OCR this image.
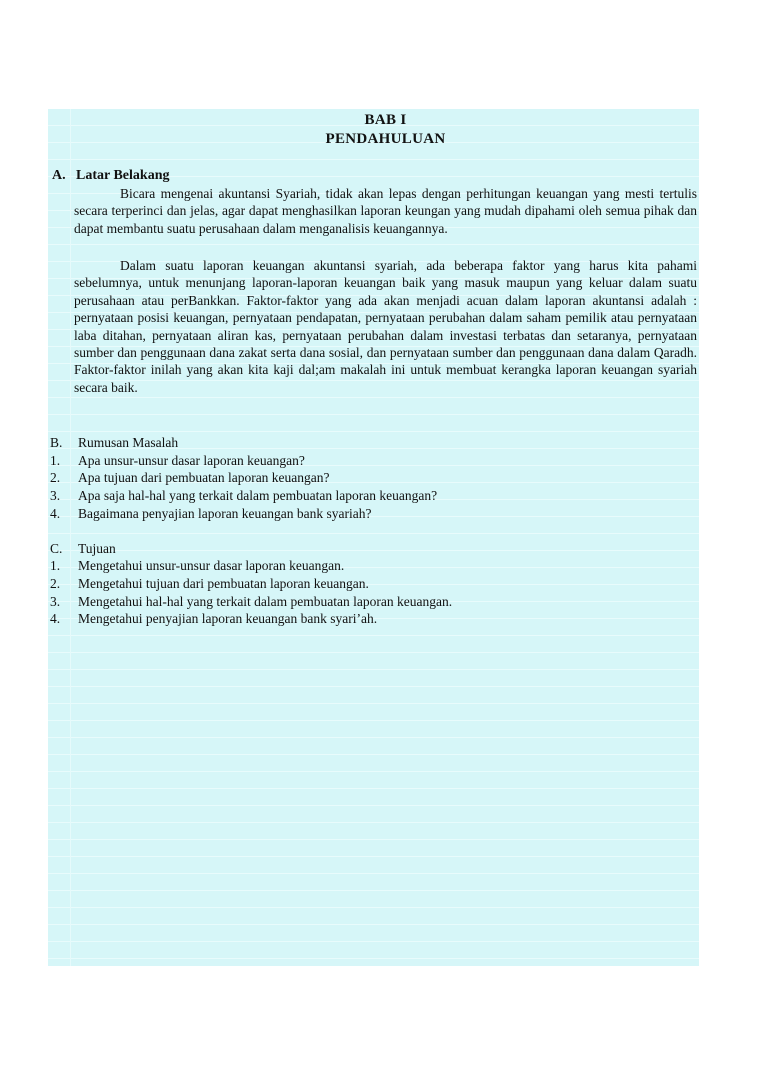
BAB I
PENDAHULUAN
A. Latar Belakang

Bicara mengenai akuntansi Syariah, tidak akan lepas dengan perhitungan keuangan yang mesti tertulis secara terperinci dan jelas, agar dapat menghasilkan laporan keungan yang mudah dipahami oleh semua pihak dan dapat membantu suatu perusahaan dalam menganalisis keuangannya.

Dalam suatu laporan keuangan akuntansi syariah, ada beberapa faktor yang harus kita pahami sebelumnya, untuk menunjang laporan-laporan keuangan baik yang masuk maupun yang keluar dalam suatu perusahaan atau perBankkan. Faktor-faktor yang ada akan menjadi acuan dalam laporan akuntansi adalah : pernyataan posisi keuangan, pernyataan pendapatan, pernyataan perubahan dalam saham pemilik atau pernyataan laba ditahan, pernyataan aliran kas, pernyataan perubahan dalam investasi terbatas dan setaranya, pernyataan sumber dan penggunaan dana zakat serta dana sosial, dan pernyataan sumber dan penggunaan dana dalam Qaradh. Faktor-faktor inilah yang akan kita kaji dal;am makalah ini untuk membuat kerangka laporan keuangan syariah secara baik.

B. Rumusan Masalah
1. Apa unsur-unsur dasar laporan keuangan?
2. Apa tujuan dari pembuatan laporan keuangan?
3. Apa saja hal-hal yang terkait dalam pembuatan laporan keuangan?
4. Bagaimana penyajian laporan keuangan bank syariah?
C. Tujuan
1. Mengetahui unsur-unsur dasar laporan keuangan.
2. Mengetahui tujuan dari pembuatan laporan keuangan.
3. Mengetahui hal-hal yang terkait dalam pembuatan laporan keuangan.
4. Mengetahui penyajian laporan keuangan bank syari’ah.
